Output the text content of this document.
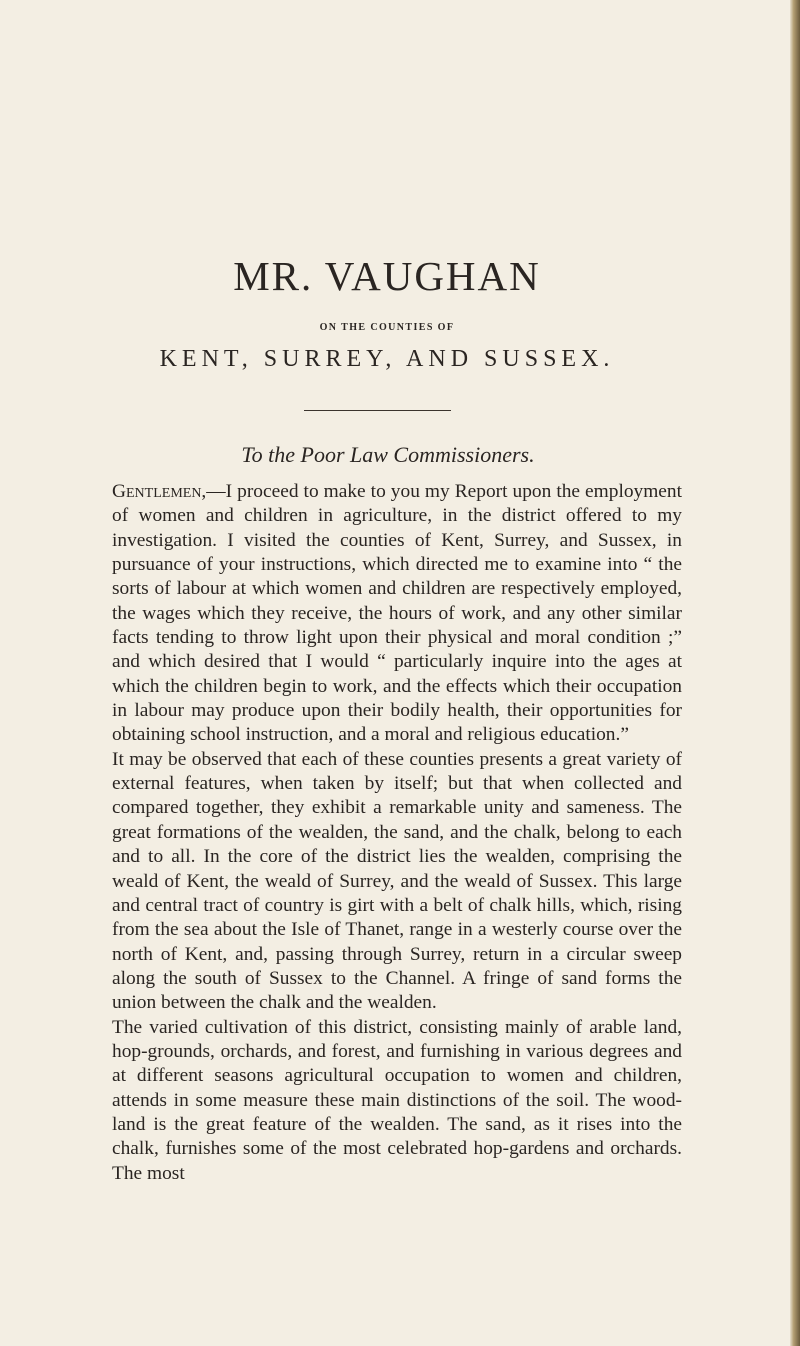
MR. VAUGHAN
ON THE COUNTIES OF
KENT, SURREY, AND SUSSEX.
To the Poor Law Commissioners.

Gentlemen,—I proceed to make to you my Report upon the employment of women and children in agriculture, in the district offered to my investigation. I visited the counties of Kent, Surrey, and Sussex, in pursuance of your instructions, which directed me to examine into “ the sorts of labour at which women and children are respectively employed, the wages which they receive, the hours of work, and any other similar facts tending to throw light upon their physical and moral condition ;” and which desired that I would “ particularly inquire into the ages at which the children begin to work, and the effects which their occupation in labour may produce upon their bodily health, their opportunities for obtaining school instruction, and a moral and religious education.”

It may be observed that each of these counties presents a great variety of external features, when taken by itself; but that when collected and compared together, they exhibit a remarkable unity and sameness. The great formations of the wealden, the sand, and the chalk, belong to each and to all. In the core of the district lies the wealden, comprising the weald of Kent, the weald of Surrey, and the weald of Sussex. This large and central tract of country is girt with a belt of chalk hills, which, rising from the sea about the Isle of Thanet, range in a westerly course over the north of Kent, and, passing through Surrey, return in a circular sweep along the south of Sussex to the Channel. A fringe of sand forms the union between the chalk and the wealden.

The varied cultivation of this district, consisting mainly of arable land, hop-grounds, orchards, and forest, and furnishing in various degrees and at different seasons agricultural occupation to women and children, attends in some measure these main distinctions of the soil. The wood-land is the great feature of the wealden. The sand, as it rises into the chalk, furnishes some of the most celebrated hop-gardens and orchards. The most
